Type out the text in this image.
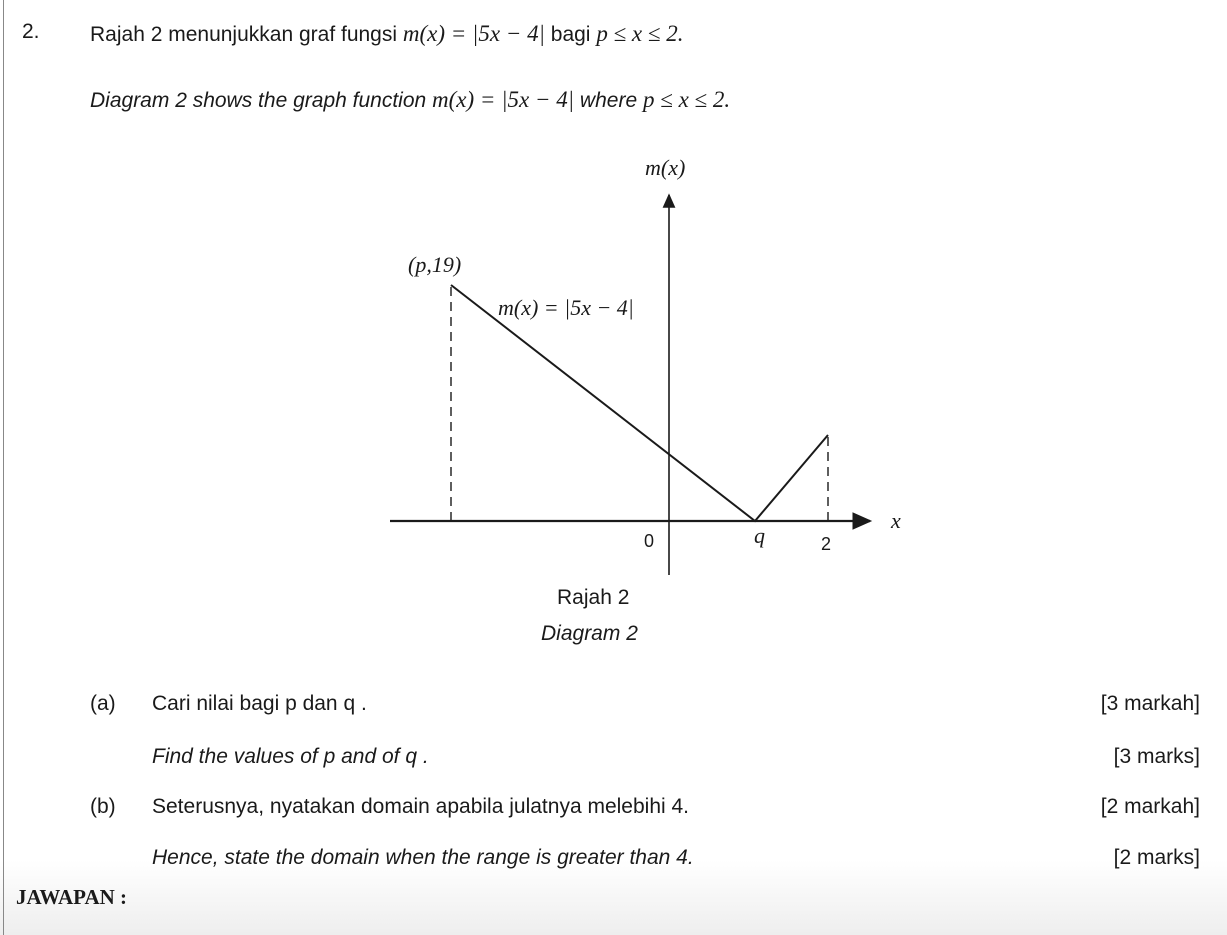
2. Rajah 2 menunjukkan graf fungsi m(x) = |5x − 4| bagi p ≤ x ≤ 2.
Diagram 2 shows the graph function m(x) = |5x − 4| where p ≤ x ≤ 2.
m(x)
x
(p,19)
m(x) = |5x − 4|
0	q	2
Rajah 2
Diagram 2
(a) Cari nilai bagi p dan q .	[3 markah]
Find the values of p and of q .	[3 marks]
(b) Seterusnya, nyatakan domain apabila julatnya melebihi 4.	[2 markah]
Hence, state the domain when the range is greater than 4.	[2 marks]
JAWAPAN :
